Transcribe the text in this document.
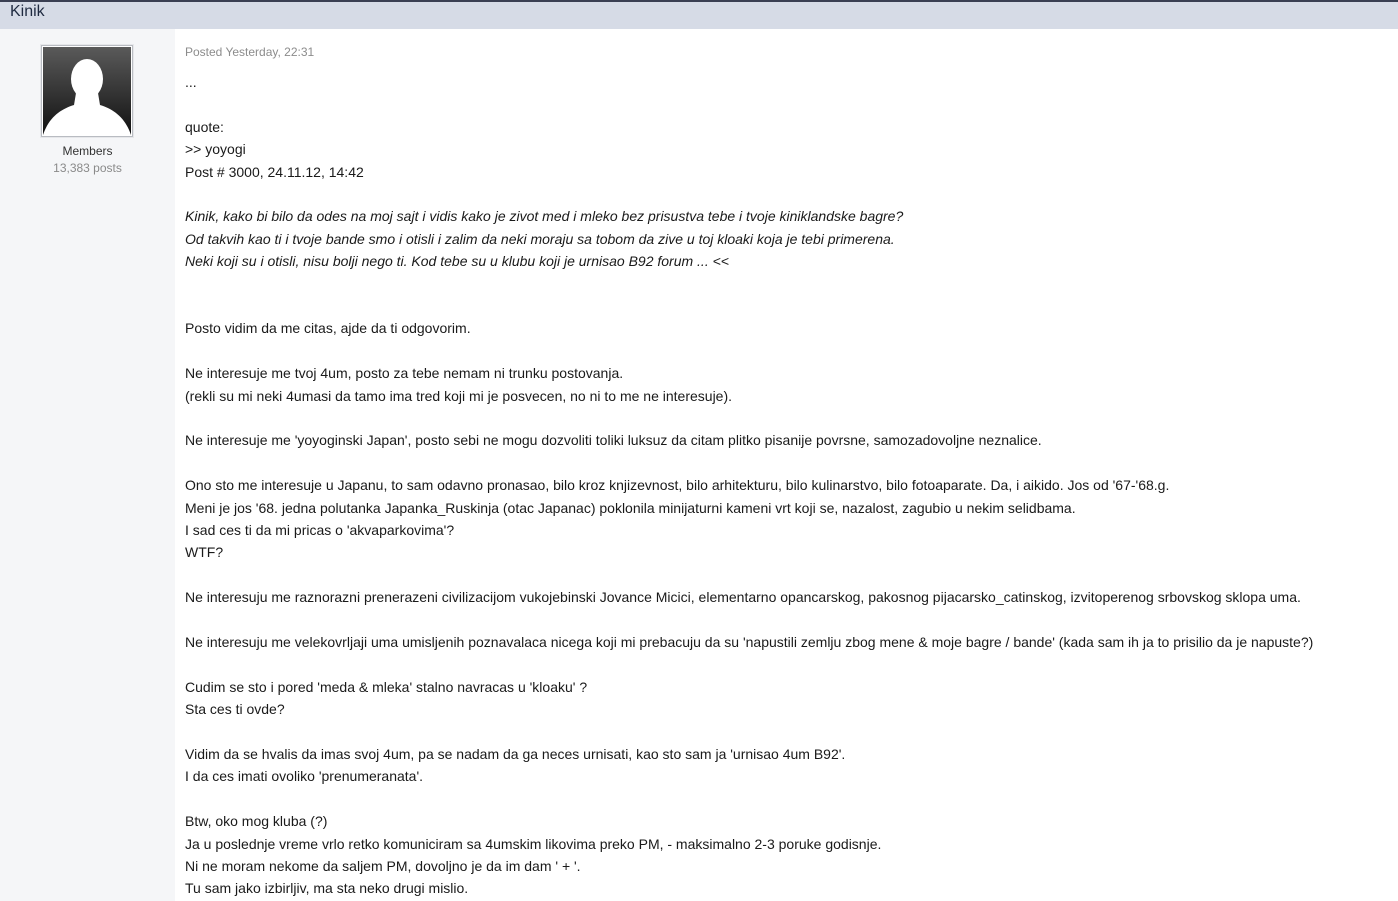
Kinik
Members
13,383 posts
Posted Yesterday, 22:31
...
quote:
>> yoyogi
Post # 3000, 24.11.12, 14:42
Kinik, kako bi bilo da odes na moj sajt i vidis kako je zivot med i mleko bez prisustva tebe i tvoje kiniklandske bagre?
Od takvih kao ti i tvoje bande smo i otisli i zalim da neki moraju sa tobom da zive u toj kloaki koja je tebi primerena.
Neki koji su i otisli, nisu bolji nego ti. Kod tebe su u klubu koji je urnisao B92 forum ... <<
Posto vidim da me citas, ajde da ti odgovorim.
Ne interesuje me tvoj 4um, posto za tebe nemam ni trunku postovanja.
(rekli su mi neki 4umasi da tamo ima tred koji mi je posvecen, no ni to me ne interesuje).
Ne interesuje me 'yoyoginski Japan', posto sebi ne mogu dozvoliti toliki luksuz da citam plitko pisanije povrsne, samozadovoljne neznalice.
Ono sto me interesuje u Japanu, to sam odavno pronasao, bilo kroz knjizevnost, bilo arhitekturu, bilo kulinarstvo, bilo fotoaparate. Da, i aikido. Jos od '67-'68.g.
Meni je jos '68. jedna polutanka Japanka_Ruskinja (otac Japanac) poklonila minijaturni kameni vrt koji se, nazalost, zagubio u nekim selidbama.
I sad ces ti da mi pricas o 'akvaparkovima'?
WTF?
Ne interesuju me raznorazni prenerazeni civilizacijom vukojebinski Jovance Micici, elementarno opancarskog, pakosnog pijacarsko_catinskog, izvitoperenog srbovskog sklopa uma.
Ne interesuju me velekovrljaji uma umisljenih poznavalaca nicega koji mi prebacuju da su 'napustili zemlju zbog mene & moje bagre / bande' (kada sam ih ja to prisilio da je napuste?)
Cudim se sto i pored 'meda & mleka' stalno navracas u 'kloaku' ?
Sta ces ti ovde?
Vidim da se hvalis da imas svoj 4um, pa se nadam da ga neces urnisati, kao sto sam ja 'urnisao 4um B92'.
I da ces imati ovoliko 'prenumeranata'.
Btw, oko mog kluba (?)
Ja u poslednje vreme vrlo retko komuniciram sa 4umskim likovima preko PM, - maksimalno 2-3 poruke godisnje.
Ni ne moram nekome da saljem PM, dovoljno je da im dam ' + '.
Tu sam jako izbirljiv, ma sta neko drugi mislio.
